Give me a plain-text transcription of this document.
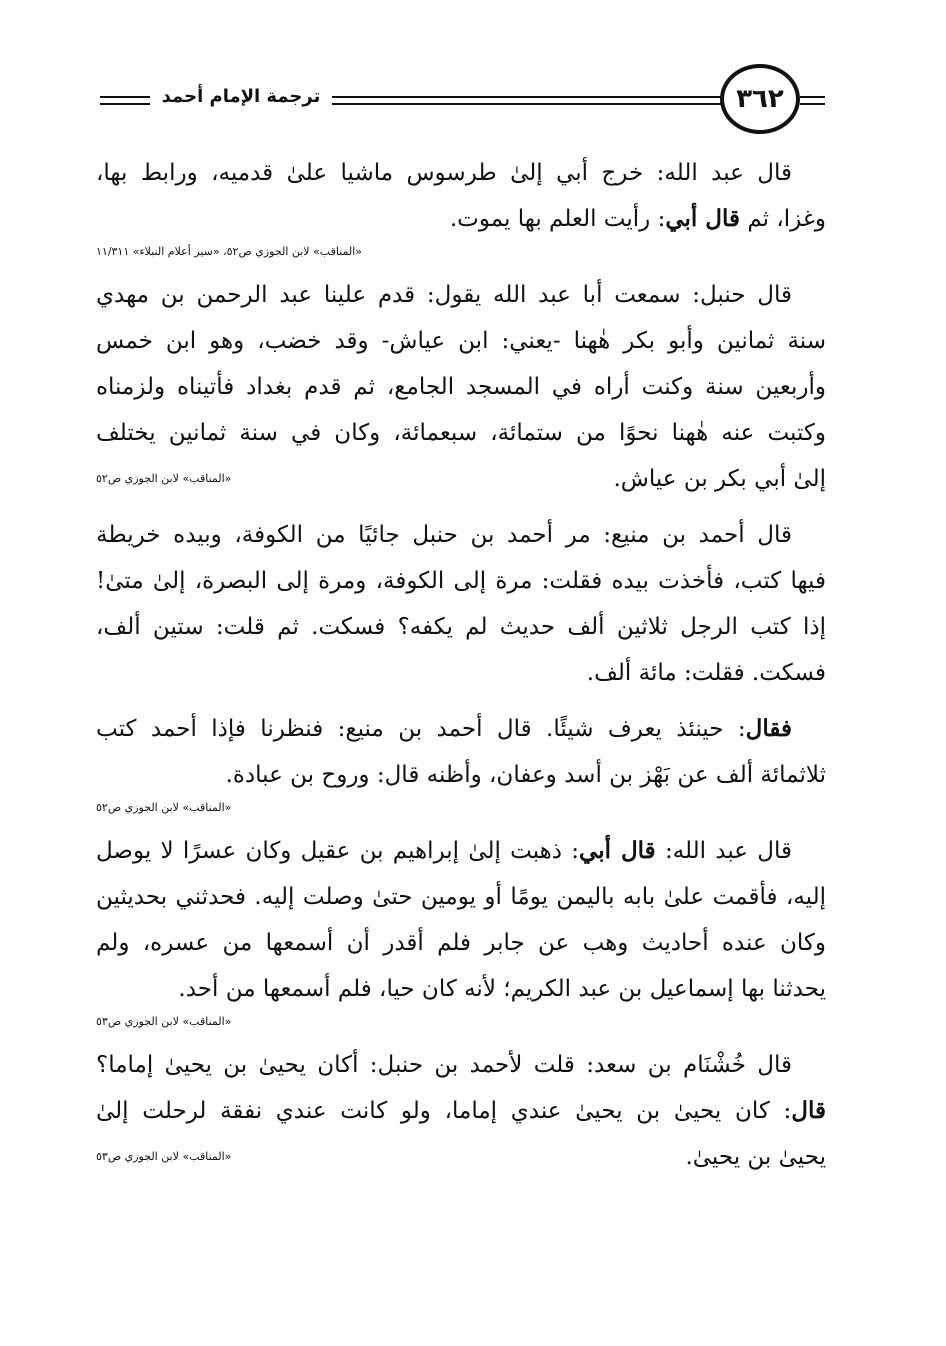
ترجمة الإمام أحمد	٣٦٢
قال عبد الله: خرج أبي إلىٰ طرسوس ماشيا علىٰ قدميه، ورابط بها،
وغزا، ثم قال أبي: رأيت العلم بها يموت.
«المناقب» لابن الجوزي ص٥٢، «سير أعلام النبلاء» ١١/٣١١
قال حنبل: سمعت أبا عبد الله يقول: قدم علينا عبد الرحمن بن مهدي
سنة ثمانين وأبو بكر هٰهنا -يعني: ابن عياش- وقد خضب، وهو ابن خمس
وأربعين سنة وكنت أراه في المسجد الجامع، ثم قدم بغداد فأتيناه ولزمناه
وكتبت عنه هٰهنا نحوًا من ستمائة، سبعمائة، وكان في سنة ثمانين يختلف
«المناقب» لابن الجوزي ص٥٢	إلىٰ أبي بكر بن عياش.
قال أحمد بن منيع: مر أحمد بن حنبل جائيًا من الكوفة، وبيده خريطة
فيها كتب، فأخذت بيده فقلت: مرة إلى الكوفة، ومرة إلى البصرة، إلىٰ متىٰ!
إذا كتب الرجل ثلاثين ألف حديث لم يكفه؟ فسكت. ثم قلت: ستين ألف،
فسكت. فقلت: مائة ألف.
فقال: حينئذ يعرف شيئًا. قال أحمد بن منيع: فنظرنا فإذا أحمد كتب
ثلاثمائة ألف عن بَهْز بن أسد وعفان، وأظنه قال: وروح بن عبادة.
«المناقب» لابن الجوزي ص٥٢
قال عبد الله: قال أبي: ذهبت إلىٰ إبراهيم بن عقيل وكان عسرًا لا يوصل
إليه، فأقمت علىٰ بابه باليمن يومًا أو يومين حتىٰ وصلت إليه. فحدثني بحديثين
وكان عنده أحاديث وهب عن جابر فلم أقدر أن أسمعها من عسره، ولم
يحدثنا بها إسماعيل بن عبد الكريم؛ لأنه كان حيا، فلم أسمعها من أحد.
«المناقب» لابن الجوزي ص٥٣
قال خُشْنَام بن سعد: قلت لأحمد بن حنبل: أكان يحيىٰ بن يحيىٰ إماما؟
قال: كان يحيىٰ بن يحيىٰ عندي إماما، ولو كانت عندي نفقة لرحلت إلىٰ
«المناقب» لابن الجوزي ص٥٣	يحيىٰ بن يحيىٰ.
